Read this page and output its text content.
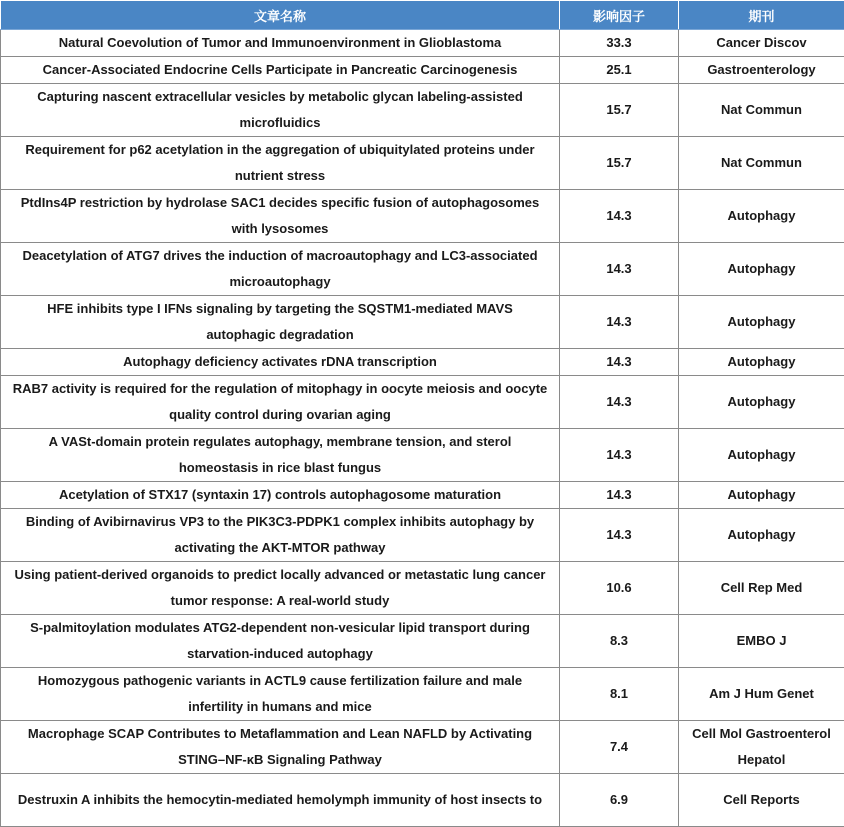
文章名称	影响因子	期刊
Natural Coevolution of Tumor and Immunoenvironment in Glioblastoma	33.3	Cancer Discov
Cancer-Associated Endocrine Cells Participate in Pancreatic Carcinogenesis	25.1	Gastroenterology
Capturing nascent extracellular vesicles by metabolic glycan labeling-assisted microfluidics	15.7	Nat Commun
Requirement for p62 acetylation in the aggregation of ubiquitylated proteins under nutrient stress	15.7	Nat Commun
PtdIns4P restriction by hydrolase SAC1 decides specific fusion of autophagosomes with lysosomes	14.3	Autophagy
Deacetylation of ATG7 drives the induction of macroautophagy and LC3-associated microautophagy	14.3	Autophagy
HFE inhibits type I IFNs signaling by targeting the SQSTM1-mediated MAVS autophagic degradation	14.3	Autophagy
Autophagy deficiency activates rDNA transcription	14.3	Autophagy
RAB7 activity is required for the regulation of mitophagy in oocyte meiosis and oocyte quality control during ovarian aging	14.3	Autophagy
A VASt-domain protein regulates autophagy, membrane tension, and sterol homeostasis in rice blast fungus	14.3	Autophagy
Acetylation of STX17 (syntaxin 17) controls autophagosome maturation	14.3	Autophagy
Binding of Avibirnavirus VP3 to the PIK3C3-PDPK1 complex inhibits autophagy by activating the AKT-MTOR pathway	14.3	Autophagy
Using patient-derived organoids to predict locally advanced or metastatic lung cancer tumor response: A real-world study	10.6	Cell Rep Med
S-palmitoylation modulates ATG2-dependent non-vesicular lipid transport during starvation-induced autophagy	8.3	EMBO J
Homozygous pathogenic variants in ACTL9 cause fertilization failure and male infertility in humans and mice	8.1	Am J Hum Genet
Macrophage SCAP Contributes to Metaflammation and Lean NAFLD by Activating STING–NF-κB Signaling Pathway	7.4	Cell Mol Gastroenterol Hepatol
Destruxin A inhibits the hemocytin-mediated hemolymph immunity of host insects to	6.9	Cell Reports
